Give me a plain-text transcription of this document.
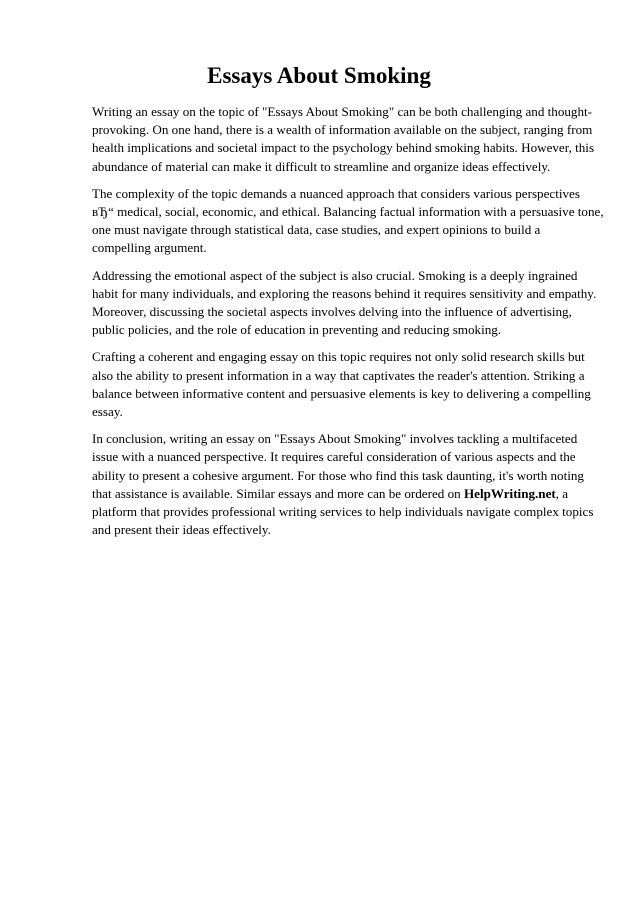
Essays About Smoking

Writing an essay on the topic of "Essays About Smoking" can be both challenging and thought-
provoking. On one hand, there is a wealth of information available on the subject, ranging from
health implications and societal impact to the psychology behind smoking habits. However, this
abundance of material can make it difficult to streamline and organize ideas effectively.

The complexity of the topic demands a nuanced approach that considers various perspectives
вЂ“ medical, social, economic, and ethical. Balancing factual information with a persuasive tone,
one must navigate through statistical data, case studies, and expert opinions to build a
compelling argument.

Addressing the emotional aspect of the subject is also crucial. Smoking is a deeply ingrained
habit for many individuals, and exploring the reasons behind it requires sensitivity and empathy.
Moreover, discussing the societal aspects involves delving into the influence of advertising,
public policies, and the role of education in preventing and reducing smoking.

Crafting a coherent and engaging essay on this topic requires not only solid research skills but
also the ability to present information in a way that captivates the reader's attention. Striking a
balance between informative content and persuasive elements is key to delivering a compelling
essay.

In conclusion, writing an essay on "Essays About Smoking" involves tackling a multifaceted
issue with a nuanced perspective. It requires careful consideration of various aspects and the
ability to present a cohesive argument. For those who find this task daunting, it's worth noting
that assistance is available. Similar essays and more can be ordered on HelpWriting.net, a
platform that provides professional writing services to help individuals navigate complex topics
and present their ideas effectively.
